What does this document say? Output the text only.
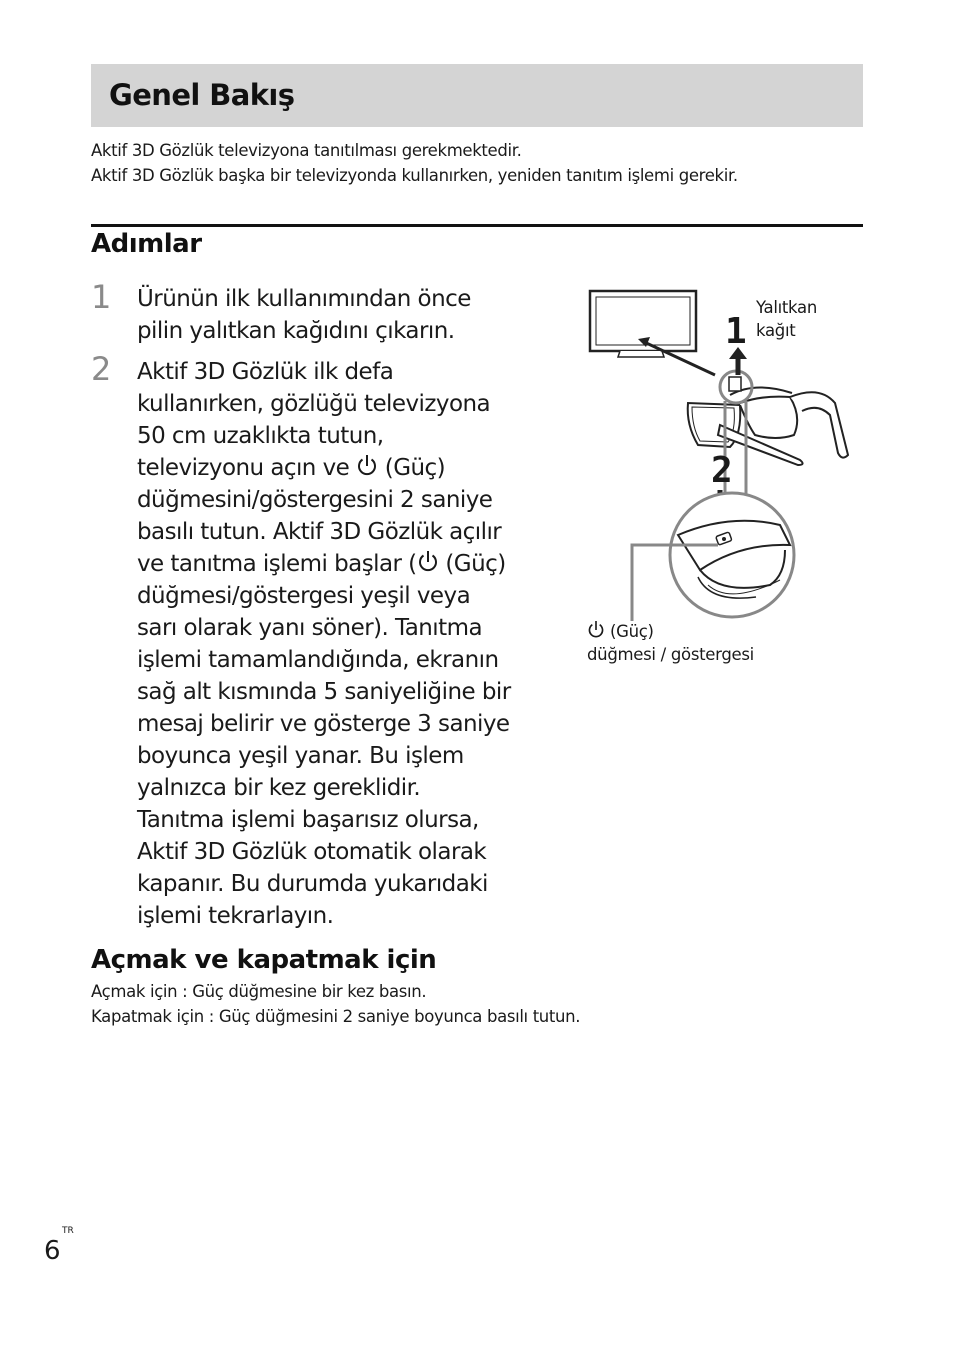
Genel Bakış

Aktif 3D Gözlük televizyona tanıtılması gerekmektedir.

Aktif 3D Gözlük başka bir televizyonda kullanırken, yeniden tanıtım işlemi gerekir.

Adımlar
1 Ürünün ilk kullanımından önce
pilin yalıtkan kağıdını çıkarın.
2 Aktif 3D Gözlük ilk defa
kullanırken, gözlüğü televizyona
50 cm uzaklıkta tutun,
televizyonu açın ve  (Güç)
düğmesini/göstergesini 2 saniye
basılı tutun. Aktif 3D Gözlük açılır
ve tanıtma işlemi başlar ( (Güç)
düğmesi/göstergesi yeşil veya
sarı olarak yanı söner). Tanıtma
işlemi tamamlandığında, ekranın
sağ alt kısmında 5 saniyeliğine bir
mesaj belirir ve gösterge 3 saniye
boyunca yeşil yanar. Bu işlem
yalnızca bir kez gereklidir.
Tanıtma işlemi başarısız olursa,
Aktif 3D Gözlük otomatik olarak
kapanır. Bu durumda yukarıdaki
işlemi tekrarlayın.
Yalıtkan
kağıt
1
2
(Güç)
düğmesi / göstergesi
Açmak ve kapatmak için

Açmak için : Güç düğmesine bir kez basın.

Kapatmak için : Güç düğmesini 2 saniye boyunca basılı tutun.

TR
6
